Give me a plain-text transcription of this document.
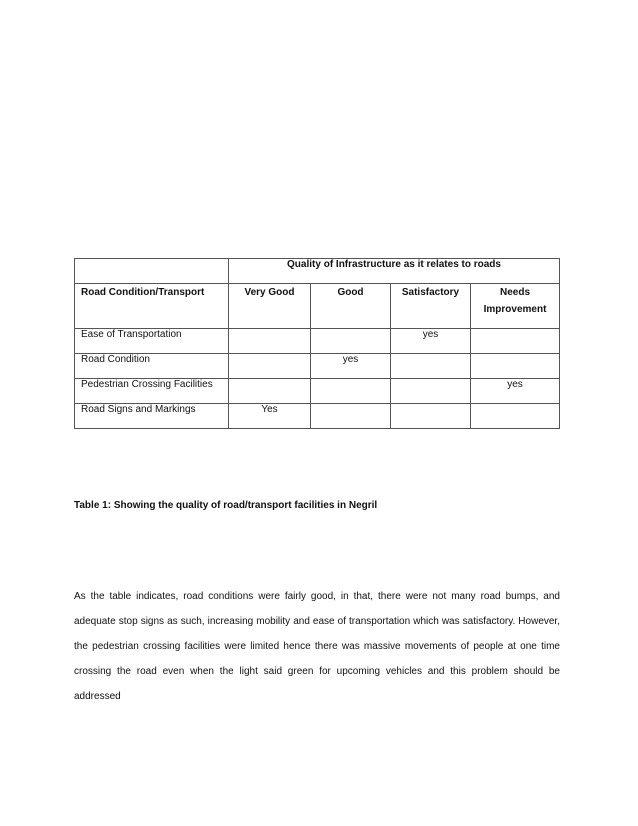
	Quality of Infrastructure as it relates to roads			
Road Condition/Transport	Very Good	Good	Satisfactory	Needs Improvement
Ease of Transportation			yes	
Road Condition		yes		
Pedestrian Crossing Facilities				yes
Road Signs and Markings	Yes			
Table 1: Showing the quality of road/transport facilities in Negril

As the table indicates, road conditions were fairly good, in that, there were not many road bumps, and adequate stop signs as such, increasing mobility and ease of transportation which was satisfactory. However, the pedestrian crossing facilities were limited hence there was massive movements of people at one time crossing the road even when the light said green for upcoming vehicles and this problem should be addressed
